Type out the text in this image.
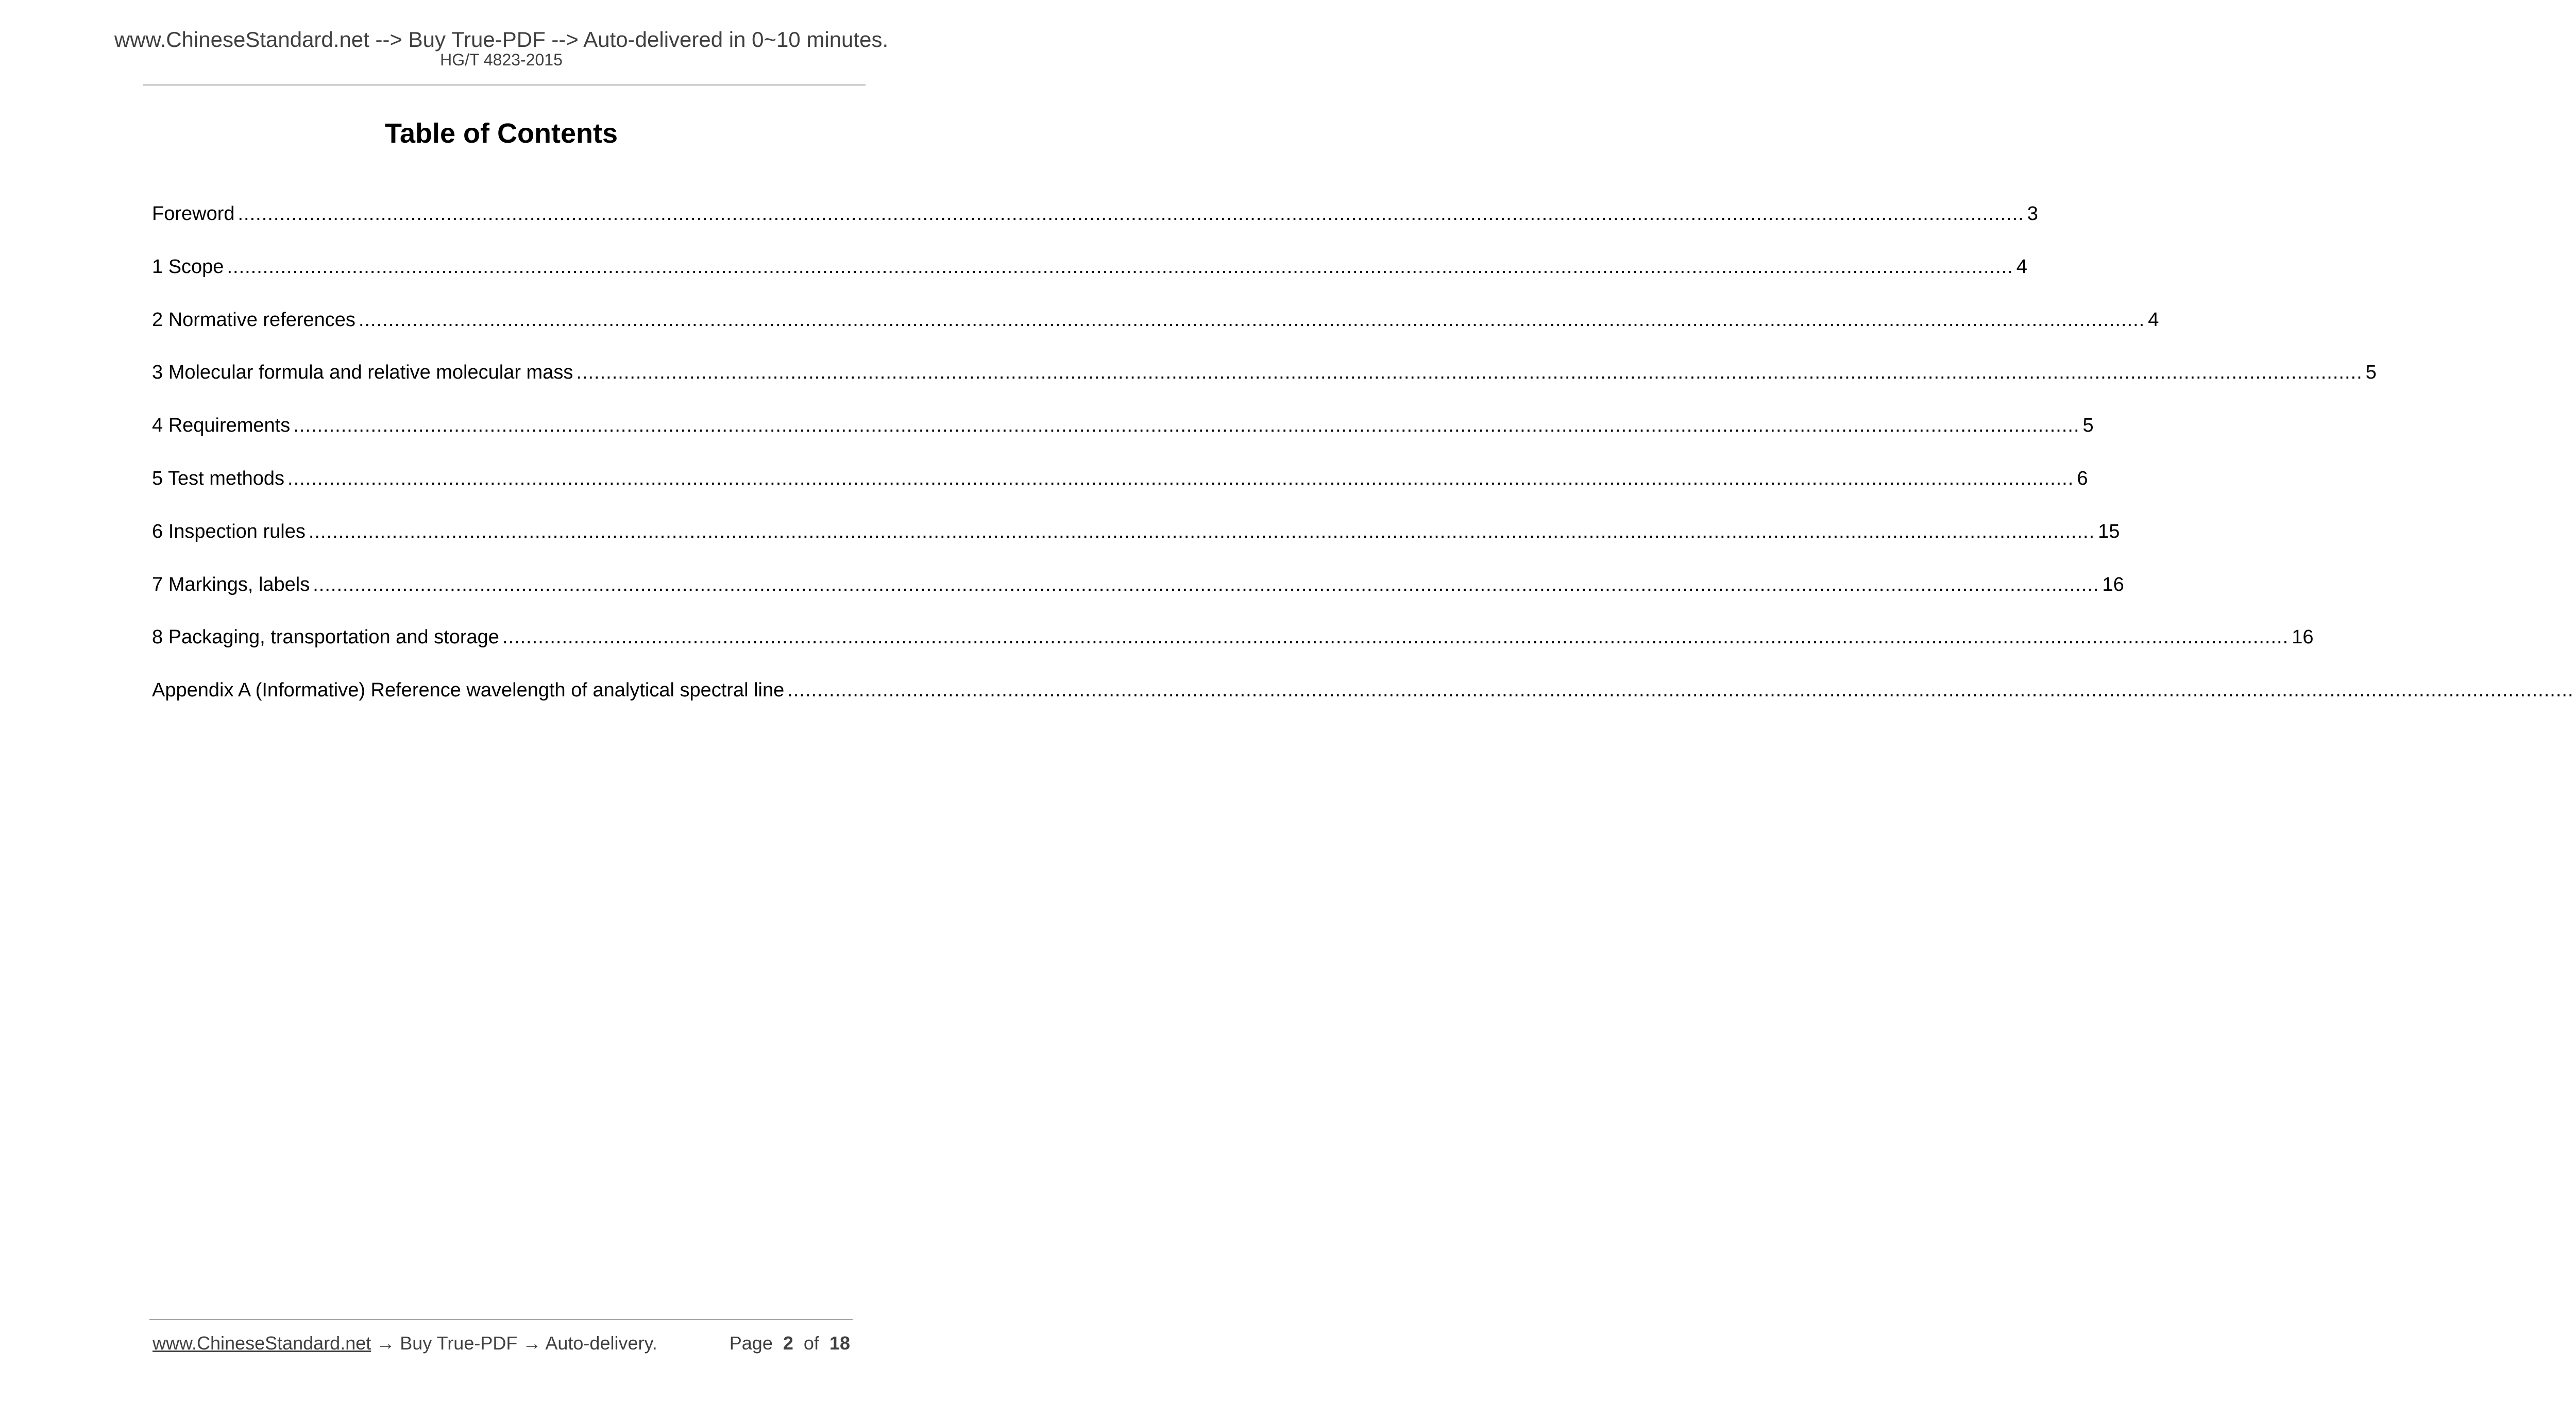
www.ChineseStandard.net --> Buy True-PDF --> Auto-delivered in 0~10 minutes.
HG/T 4823-2015
Table of Contents
Foreword ............................................................................................................................................................................................................................................................................................................ 3
1 Scope ............................................................................................................................................................................................................................................................................................................ 4
2 Normative references ............................................................................................................................................................................................................................................................................................................ 4
3 Molecular formula and relative molecular mass ............................................................................................................................................................................................................................................................................................................ 5
4 Requirements ............................................................................................................................................................................................................................................................................................................ 5
5 Test methods ............................................................................................................................................................................................................................................................................................................ 6
6 Inspection rules ............................................................................................................................................................................................................................................................................................................ 15
7 Markings, labels ............................................................................................................................................................................................................................................................................................................ 16
8 Packaging, transportation and storage ............................................................................................................................................................................................................................................................................................................ 16
Appendix A (Informative) Reference wavelength of analytical spectral line ............................................................................................................................................................................................................................................................................................................
www.ChineseStandard.net → Buy True-PDF → Auto-delivery.	Page 2 of 18
